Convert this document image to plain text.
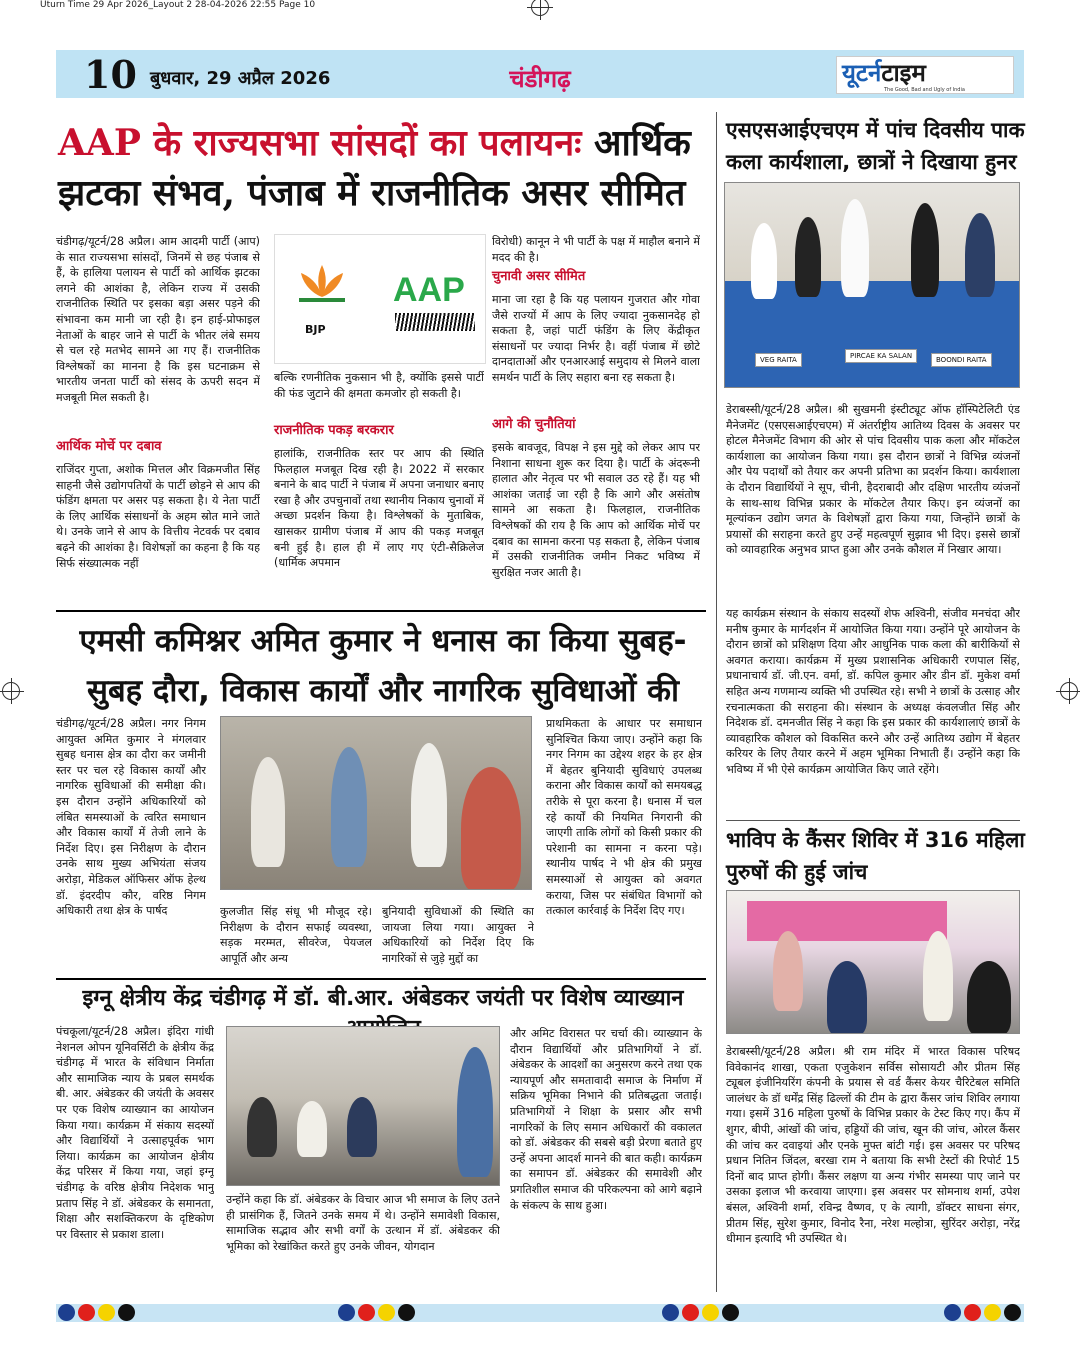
Uturn Time 29 Apr 2026_Layout 2 28-04-2026 22:55 Page 10
10 बुधवार, 29 अप्रैल 2026	चंडीगढ़	यूटर्नटाइम
The Good, Bad and Ugly of India
AAP के राज्यसभा सांसदों का पलायनः आर्थिक झटका संभव, पंजाब में राजनीतिक असर सीमित
चंडीगढ़/यूटर्न/28 अप्रैल। आम आदमी पार्टी (आप) के सात राज्यसभा सांसदों, जिनमें से छह पंजाब से हैं, के हालिया पलायन से पार्टी को आर्थिक झटका लगने की आशंका है, लेकिन राज्य में उसकी राजनीतिक स्थिति पर इसका बड़ा असर पड़ने की संभावना कम मानी जा रही है। इन हाई-प्रोफाइल नेताओं के बाहर जाने से पार्टी के भीतर लंबे समय से चल रहे मतभेद सामने आ गए हैं। राजनीतिक विश्लेषकों का मानना है कि इस घटनाक्रम से भारतीय जनता पार्टी को संसद के ऊपरी सदन में मजबूती मिल सकती है।
आर्थिक मोर्चे पर दबाव
राजिंदर गुप्ता, अशोक मित्तल और विक्रमजीत सिंह साहनी जैसे उद्योगपतियों के पार्टी छोड़ने से आप की फंडिंग क्षमता पर असर पड़ सकता है। ये नेता पार्टी के लिए आर्थिक संसाधनों के अहम स्रोत माने जाते थे। उनके जाने से आप के वित्तीय नेटवर्क पर दबाव बढ़ने की आशंका है। विशेषज्ञों का कहना है कि यह सिर्फ संख्यात्मक नहीं
BJP
AAP
बल्कि रणनीतिक नुकसान भी है, क्योंकि इससे पार्टी की फंड जुटाने की क्षमता कमजोर हो सकती है।
राजनीतिक पकड़ बरकरार
हालांकि, राजनीतिक स्तर पर आप की स्थिति फिलहाल मजबूत दिख रही है। 2022 में सरकार बनाने के बाद पार्टी ने पंजाब में अपना जनाधार बनाए रखा है और उपचुनावों तथा स्थानीय निकाय चुनावों में अच्छा प्रदर्शन किया है। विश्लेषकों के मुताबिक, खासकर ग्रामीण पंजाब में आप की पकड़ मजबूत बनी हुई है। हाल ही में लाए गए एंटी-सैक्रिलेज (धार्मिक अपमान
विरोधी) कानून ने भी पार्टी के पक्ष में माहौल बनाने में मदद की है।
चुनावी असर सीमित
माना जा रहा है कि यह पलायन गुजरात और गोवा जैसे राज्यों में आप के लिए ज्यादा नुकसानदेह हो सकता है, जहां पार्टी फंडिंग के लिए केंद्रीकृत संसाधनों पर ज्यादा निर्भर है। वहीं पंजाब में छोटे दानदाताओं और एनआरआई समुदाय से मिलने वाला समर्थन पार्टी के लिए सहारा बना रह सकता है।
आगे की चुनौतियां
इसके बावजूद, विपक्ष ने इस मुद्दे को लेकर आप पर निशाना साधना शुरू कर दिया है। पार्टी के अंदरूनी हालात और नेतृत्व पर भी सवाल उठ रहे हैं। यह भी आशंका जताई जा रही है कि आगे और असंतोष सामने आ सकता है। फिलहाल, राजनीतिक विश्लेषकों की राय है कि आप को आर्थिक मोर्चे पर दबाव का सामना करना पड़ सकता है, लेकिन पंजाब में उसकी राजनीतिक जमीन निकट भविष्य में सुरक्षित नजर आती है।
एमसी कमिश्नर अमित कुमार ने धनास का किया सुबह-
सुबह दौरा, विकास कार्यों और नागरिक सुविधाओं की
चंडीगढ़/यूटर्न/28 अप्रैल। नगर निगम आयुक्त अमित कुमार ने मंगलवार सुबह धनास क्षेत्र का दौरा कर जमीनी स्तर पर चल रहे विकास कार्यों और नागरिक सुविधाओं की समीक्षा की। इस दौरान उन्होंने अधिकारियों को लंबित समस्याओं के त्वरित समाधान और विकास कार्यों में तेजी लाने के निर्देश दिए। इस निरीक्षण के दौरान उनके साथ मुख्य अभियंता संजय अरोड़ा, मेडिकल ऑफिसर ऑफ हेल्थ डॉ. इंदरदीप कौर, वरिष्ठ निगम अधिकारी तथा क्षेत्र के पार्षद	कुलजीत सिंह संधू भी मौजूद रहे। निरीक्षण के दौरान सफाई व्यवस्था, सड़क मरम्मत, सीवरेज, पेयजल आपूर्ति और अन्य
बुनियादी सुविधाओं की स्थिति का जायजा लिया गया। आयुक्त ने अधिकारियों को निर्देश दिए कि नागरिकों से जुड़े मुद्दों का
प्राथमिकता के आधार पर समाधान सुनिश्चित किया जाए। उन्होंने कहा कि नगर निगम का उद्देश्य शहर के हर क्षेत्र में बेहतर बुनियादी सुविधाएं उपलब्ध कराना और विकास कार्यों को समयबद्ध तरीके से पूरा करना है। धनास में चल रहे कार्यों की नियमित निगरानी की जाएगी ताकि लोगों को किसी प्रकार की परेशानी का सामना न करना पड़े। स्थानीय पार्षद ने भी क्षेत्र की प्रमुख समस्याओं से आयुक्त को अवगत कराया, जिस पर संबंधित विभागों को तत्काल कार्रवाई के निर्देश दिए गए।
इग्नू क्षेत्रीय केंद्र चंडीगढ़ में डॉ. बी.आर. अंबेडकर जयंती पर विशेष व्याख्यान
पंचकूला/यूटर्न/28 अप्रैल। इंदिरा गांधी नेशनल ओपन यूनिवर्सिटी के क्षेत्रीय केंद्र चंडीगढ़ में भारत के संविधान निर्माता और सामाजिक न्याय के प्रबल समर्थक बी. आर. अंबेडकर की जयंती के अवसर पर एक विशेष व्याख्यान का आयोजन किया गया। कार्यक्रम में संकाय सदस्यों और विद्यार्थियों ने उत्साहपूर्वक भाग लिया। कार्यक्रम का आयोजन क्षेत्रीय केंद्र परिसर में किया गया, जहां इग्नू चंडीगढ़ के वरिष्ठ क्षेत्रीय निदेशक भानु प्रताप सिंह ने डॉ. अंबेडकर के समानता, शिक्षा और सशक्तिकरण के दृष्टिकोण पर विस्तार से प्रकाश डाला।
उन्होंने कहा कि डॉ. अंबेडकर के विचार आज भी समाज के लिए उतने ही प्रासंगिक हैं, जितने उनके समय में थे। उन्होंने समावेशी विकास, सामाजिक सद्भाव और सभी वर्गों के उत्थान में डॉ. अंबेडकर की भूमिका को रेखांकित करते हुए उनके जीवन, योगदान
और अमिट विरासत पर चर्चा की। व्याख्यान के दौरान विद्यार्थियों और प्रतिभागियों ने डॉ. अंबेडकर के आदर्शों का अनुसरण करने तथा एक न्यायपूर्ण और समतावादी समाज के निर्माण में सक्रिय भूमिका निभाने की प्रतिबद्धता जताई। प्रतिभागियों ने शिक्षा के प्रसार और सभी नागरिकों के लिए समान अधिकारों की वकालत को डॉ. अंबेडकर की सबसे बड़ी प्रेरणा बताते हुए उन्हें अपना आदर्श मानने की बात कही। कार्यक्रम का समापन डॉ. अंबेडकर की समावेशी और प्रगतिशील समाज की परिकल्पना को आगे बढ़ाने के संकल्प के साथ हुआ।
एसएसआईएचएम में पांच दिवसीय पाक कला कार्यशाला, छात्रों ने दिखाया हुनर
VEG RAITA	PIRCAE KA SALAN	BOONDI RAITA
डेराबस्सी/यूटर्न/28 अप्रैल। श्री सुखमनी इंस्टीट्यूट ऑफ हॉस्पिटेलिटी एंड मैनेजमेंट (एसएसआईएचएम) में अंतर्राष्ट्रीय आतिथ्य दिवस के अवसर पर होटल मैनेजमेंट विभाग की ओर से पांच दिवसीय पाक कला और मॉकटेल कार्यशाला का आयोजन किया गया। इस दौरान छात्रों ने विभिन्न व्यंजनों और पेय पदार्थों को तैयार कर अपनी प्रतिभा का प्रदर्शन किया। कार्यशाला के दौरान विद्यार्थियों ने सूप, चीनी, हैदराबादी और दक्षिण भारतीय व्यंजनों के साथ-साथ विभिन्न प्रकार के मॉकटेल तैयार किए। इन व्यंजनों का मूल्यांकन उद्योग जगत के विशेषज्ञों द्वारा किया गया, जिन्होंने छात्रों के प्रयासों की सराहना करते हुए उन्हें महत्वपूर्ण सुझाव भी दिए। इससे छात्रों को व्यावहारिक अनुभव प्राप्त हुआ और उनके कौशल में निखार आया।
यह कार्यक्रम संस्थान के संकाय सदस्यों शेफ अश्विनी, संजीव मनचंदा और मनीष कुमार के मार्गदर्शन में आयोजित किया गया। उन्होंने पूरे आयोजन के दौरान छात्रों को प्रशिक्षण दिया और आधुनिक पाक कला की बारीकियों से अवगत कराया। कार्यक्रम में मुख्य प्रशासनिक अधिकारी रणपाल सिंह, प्रधानाचार्य डॉ. जी.एन. वर्मा, डॉ. कपिल कुमार और डीन डॉ. मुकेश वर्मा सहित अन्य गणमान्य व्यक्ति भी उपस्थित रहे। सभी ने छात्रों के उत्साह और रचनात्मकता की सराहना की। संस्थान के अध्यक्ष कंवलजीत सिंह और निदेशक डॉ. दमनजीत सिंह ने कहा कि इस प्रकार की कार्यशालाएं छात्रों के व्यावहारिक कौशल को विकसित करने और उन्हें आतिथ्य उद्योग में बेहतर करियर के लिए तैयार करने में अहम भूमिका निभाती हैं। उन्होंने कहा कि भविष्य में भी ऐसे कार्यक्रम आयोजित किए जाते रहेंगे।
भाविप के कैंसर शिविर में 316 महिला पुरुषों की हुई जांच
डेराबस्सी/यूटर्न/28 अप्रैल। श्री राम मंदिर में भारत विकास परिषद विवेकानंद शाखा, एकता एजुकेशन सर्विस सोसायटी और प्रीतम सिंह ट्यूबल इंजीनियरिंग कंपनी के प्रयास से वर्ड कैंसर केयर चैरिटेबल समिति जालंधर के डॉ धर्मेंद्र सिंह ढिल्लों की टीम के द्वारा कैंसर जांच शिविर लगाया गया। इसमें 316 महिला पुरुषों के विभिन्न प्रकार के टेस्ट किए गए। कैंप में शुगर, बीपी, आंखों की जांच, हड्डियों की जांच, खून की जांच, ओरल कैंसर की जांच कर दवाइयां और एनके मुफ्त बांटी गई। इस अवसर पर परिषद प्रधान नितिन जिंदल, बरखा राम ने बताया कि सभी टेस्टों की रिपोर्ट 15 दिनों बाद प्राप्त होगी। कैंसर लक्षण या अन्य गंभीर समस्या पाए जाने पर उसका इलाज भी करवाया जाएगा। इस अवसर पर सोमनाथ शर्मा, उपेश बंसल, अश्विनी शर्मा, रविन्द्र वैष्णव, ए के त्यागी, डॉक्टर साधना संगर, प्रीतम सिंह, सुरेश कुमार, विनोद रैना, नरेश मल्होत्रा, सुरिंदर अरोड़ा, नरेंद्र धीमान इत्यादि भी उपस्थित थे।
